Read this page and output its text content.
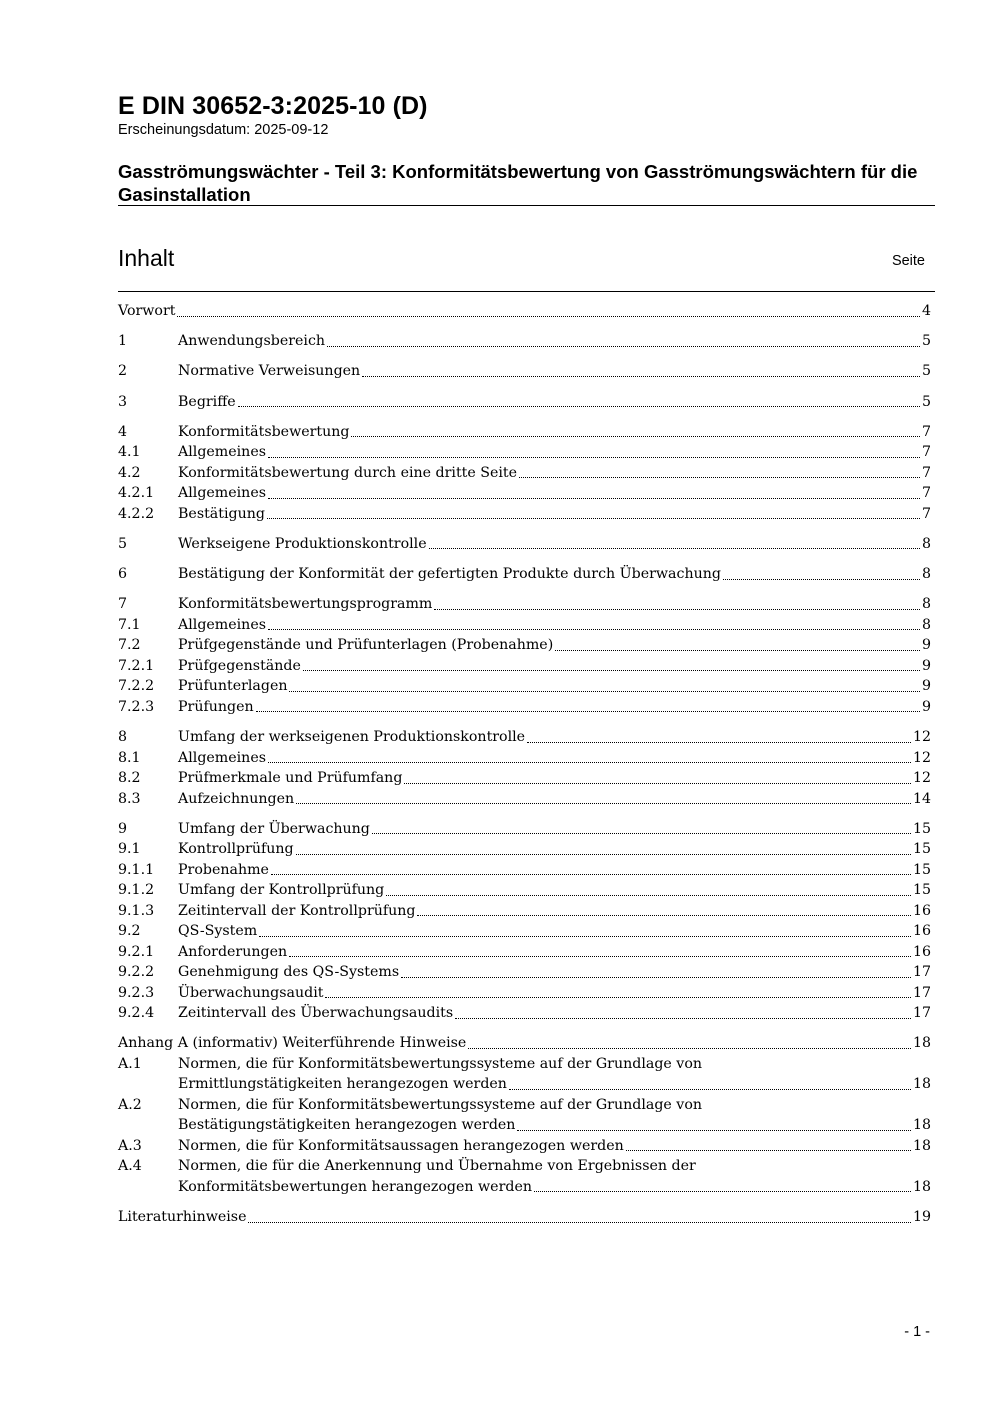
E DIN 30652-3:2025-10 (D)
Erscheinungsdatum: 2025-09-12
Gasströmungswächter - Teil 3: Konformitätsbewertung von Gasströmungswächtern für die Gasinstallation
Inhalt	Seite
Vorwort	4
1	Anwendungsbereich	5
2	Normative Verweisungen	5
3	Begriffe	5
4	Konformitätsbewertung	7
4.1	Allgemeines	7
4.2	Konformitätsbewertung durch eine dritte Seite	7
4.2.1	Allgemeines	7
4.2.2	Bestätigung	7
5	Werkseigene Produktionskontrolle	8
6	Bestätigung der Konformität der gefertigten Produkte durch Überwachung	8
7	Konformitätsbewertungsprogramm	8
7.1	Allgemeines	8
7.2	Prüfgegenstände und Prüfunterlagen (Probenahme)	9
7.2.1	Prüfgegenstände	9
7.2.2	Prüfunterlagen	9
7.2.3	Prüfungen	9
8	Umfang der werkseigenen Produktionskontrolle	12
8.1	Allgemeines	12
8.2	Prüfmerkmale und Prüfumfang	12
8.3	Aufzeichnungen	14
9	Umfang der Überwachung	15
9.1	Kontrollprüfung	15
9.1.1	Probenahme	15
9.1.2	Umfang der Kontrollprüfung	15
9.1.3	Zeitintervall der Kontrollprüfung	16
9.2	QS-System	16
9.2.1	Anforderungen	16
9.2.2	Genehmigung des QS-Systems	17
9.2.3	Überwachungsaudit	17
9.2.4	Zeitintervall des Überwachungsaudits	17
Anhang A (informativ) Weiterführende Hinweise	18
A.1	Normen, die für Konformitätsbewertungssysteme auf der Grundlage von
Ermittlungstätigkeiten herangezogen werden	18
A.2	Normen, die für Konformitätsbewertungssysteme auf der Grundlage von
Bestätigungstätigkeiten herangezogen werden	18
A.3	Normen, die für Konformitätsaussagen herangezogen werden	18
A.4	Normen, die für die Anerkennung und Übernahme von Ergebnissen der
Konformitätsbewertungen herangezogen werden	18
Literaturhinweise	19
- 1 -
